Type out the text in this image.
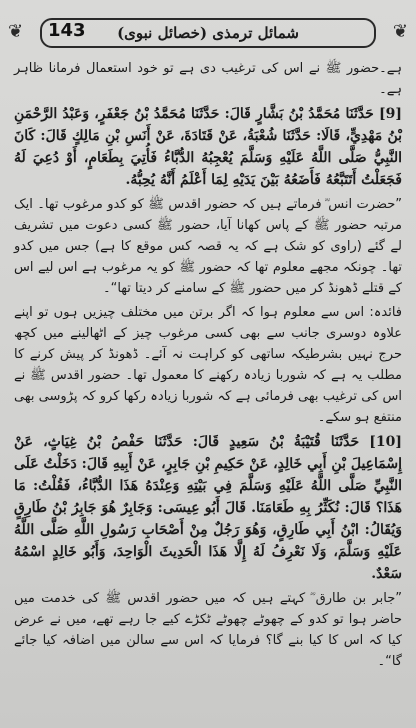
❦
شمائل ترمذی (خصائل نبوی)
❦ 143

ہے۔حضور ﷺ نے اس کی ترغیب دی ہے تو خود استعمال فرمانا ظاہر ہے۔

[9] حَدَّثَنَا مُحَمَّدُ بْنُ بَشَّارٍ قَالَ: حَدَّثَنَا مُحَمَّدُ بْنُ جَعْفَرٍ، وَعَبْدُ الرَّحْمَنِ بْنُ مَهْدِيٍّ، قَالَا: حَدَّثَنَا شُعْبَةُ، عَنْ قَتَادَةَ، عَنْ أَنَسِ بْنِ مَالِكٍ قَالَ: كَانَ النَّبِيُّ صَلَّى اللَّهُ عَلَيْهِ وَسَلَّمَ يُعْجِبُهُ الدُّبَّاءُ فَأُتِيَ بِطَعَامٍ، أَوْ دُعِيَ لَهُ فَجَعَلْتُ أَتَتَبَّعُهُ فَأَضَعُهُ بَيْنَ يَدَيْهِ لِمَا أَعْلَمُ أَنَّهُ يُحِبُّهُ.

”حضرت انس ؓ فرماتے ہیں کہ حضور اقدس ﷺ کو کدو مرغوب تھا۔ ایک مرتبہ حضور ﷺ کے پاس کھانا آیا، حضور ﷺ کسی دعوت میں تشریف لے گئے (راوی کو شک ہے کہ یہ قصہ کس موقع کا ہے) جس میں کدو تھا۔ چونکہ مجھے معلوم تھا کہ حضور ﷺ کو یہ مرغوب ہے اس لیے اس کے قتلے ڈھونڈ کر میں حضور ﷺ کے سامنے کر دیتا تھا“۔

فائدہ: اس سے معلوم ہوا کہ اگر برتن میں مختلف چیزیں ہوں تو اپنے علاوہ دوسری جانب سے بھی کسی مرغوب چیز کے اٹھالینے میں کچھ حرج نہیں بشرطیکہ ساتھی کو کراہت نہ آئے۔ ڈھونڈ کر پیش کرنے کا مطلب یہ ہے کہ شوربا زیادہ رکھنے کا معمول تھا۔ حضور اقدس ﷺ نے اس کی ترغیب بھی فرمائی ہے کہ شوربا زیادہ رکھا کرو کہ پڑوسی بھی منتفع ہو سکے۔

[10] حَدَّثَنَا قُتَيْبَةُ بْنُ سَعِيدٍ قَالَ: حَدَّثَنَا حَفْصُ بْنُ غِيَاثٍ، عَنْ إِسْمَاعِيلَ بْنِ أَبِي خَالِدٍ، عَنْ حَكِيمِ بْنِ جَابِرٍ، عَنْ أَبِيهِ قَالَ: دَخَلْتُ عَلَى النَّبِيِّ صَلَّى اللَّهُ عَلَيْهِ وَسَلَّمَ فِي بَيْتِهِ وَعِنْدَهُ هَذَا الدُّبَّاءُ، فَقُلْتُ: مَا هَذَا؟ قَالَ: نُكَثِّرُ بِهِ طَعَامَنَا. قَالَ أَبُو عِيسَى: وَجَابِرٌ هُوَ جَابِرُ بْنُ طَارِقٍ وَيُقَالُ: ابْنُ أَبِي طَارِقٍ، وَهُوَ رَجُلٌ مِنْ أَصْحَابِ رَسُولِ اللَّهِ صَلَّى اللَّهُ عَلَيْهِ وَسَلَّمَ، وَلَا نَعْرِفُ لَهُ إِلَّا هَذَا الْحَدِيثَ الْوَاحِدَ، وَأَبُو خَالِدٍ اسْمُهُ سَعْدٌ.

”جابر بن طارق ؓ کہتے ہیں کہ میں حضور اقدس ﷺ کی خدمت میں حاضر ہوا تو کدو کے چھوٹے چھوٹے ٹکڑے کیے جا رہے تھے، میں نے عرض کیا کہ اس کا کیا بنے گا؟ فرمایا کہ اس سے سالن میں اضافہ کیا جائے گا“۔
